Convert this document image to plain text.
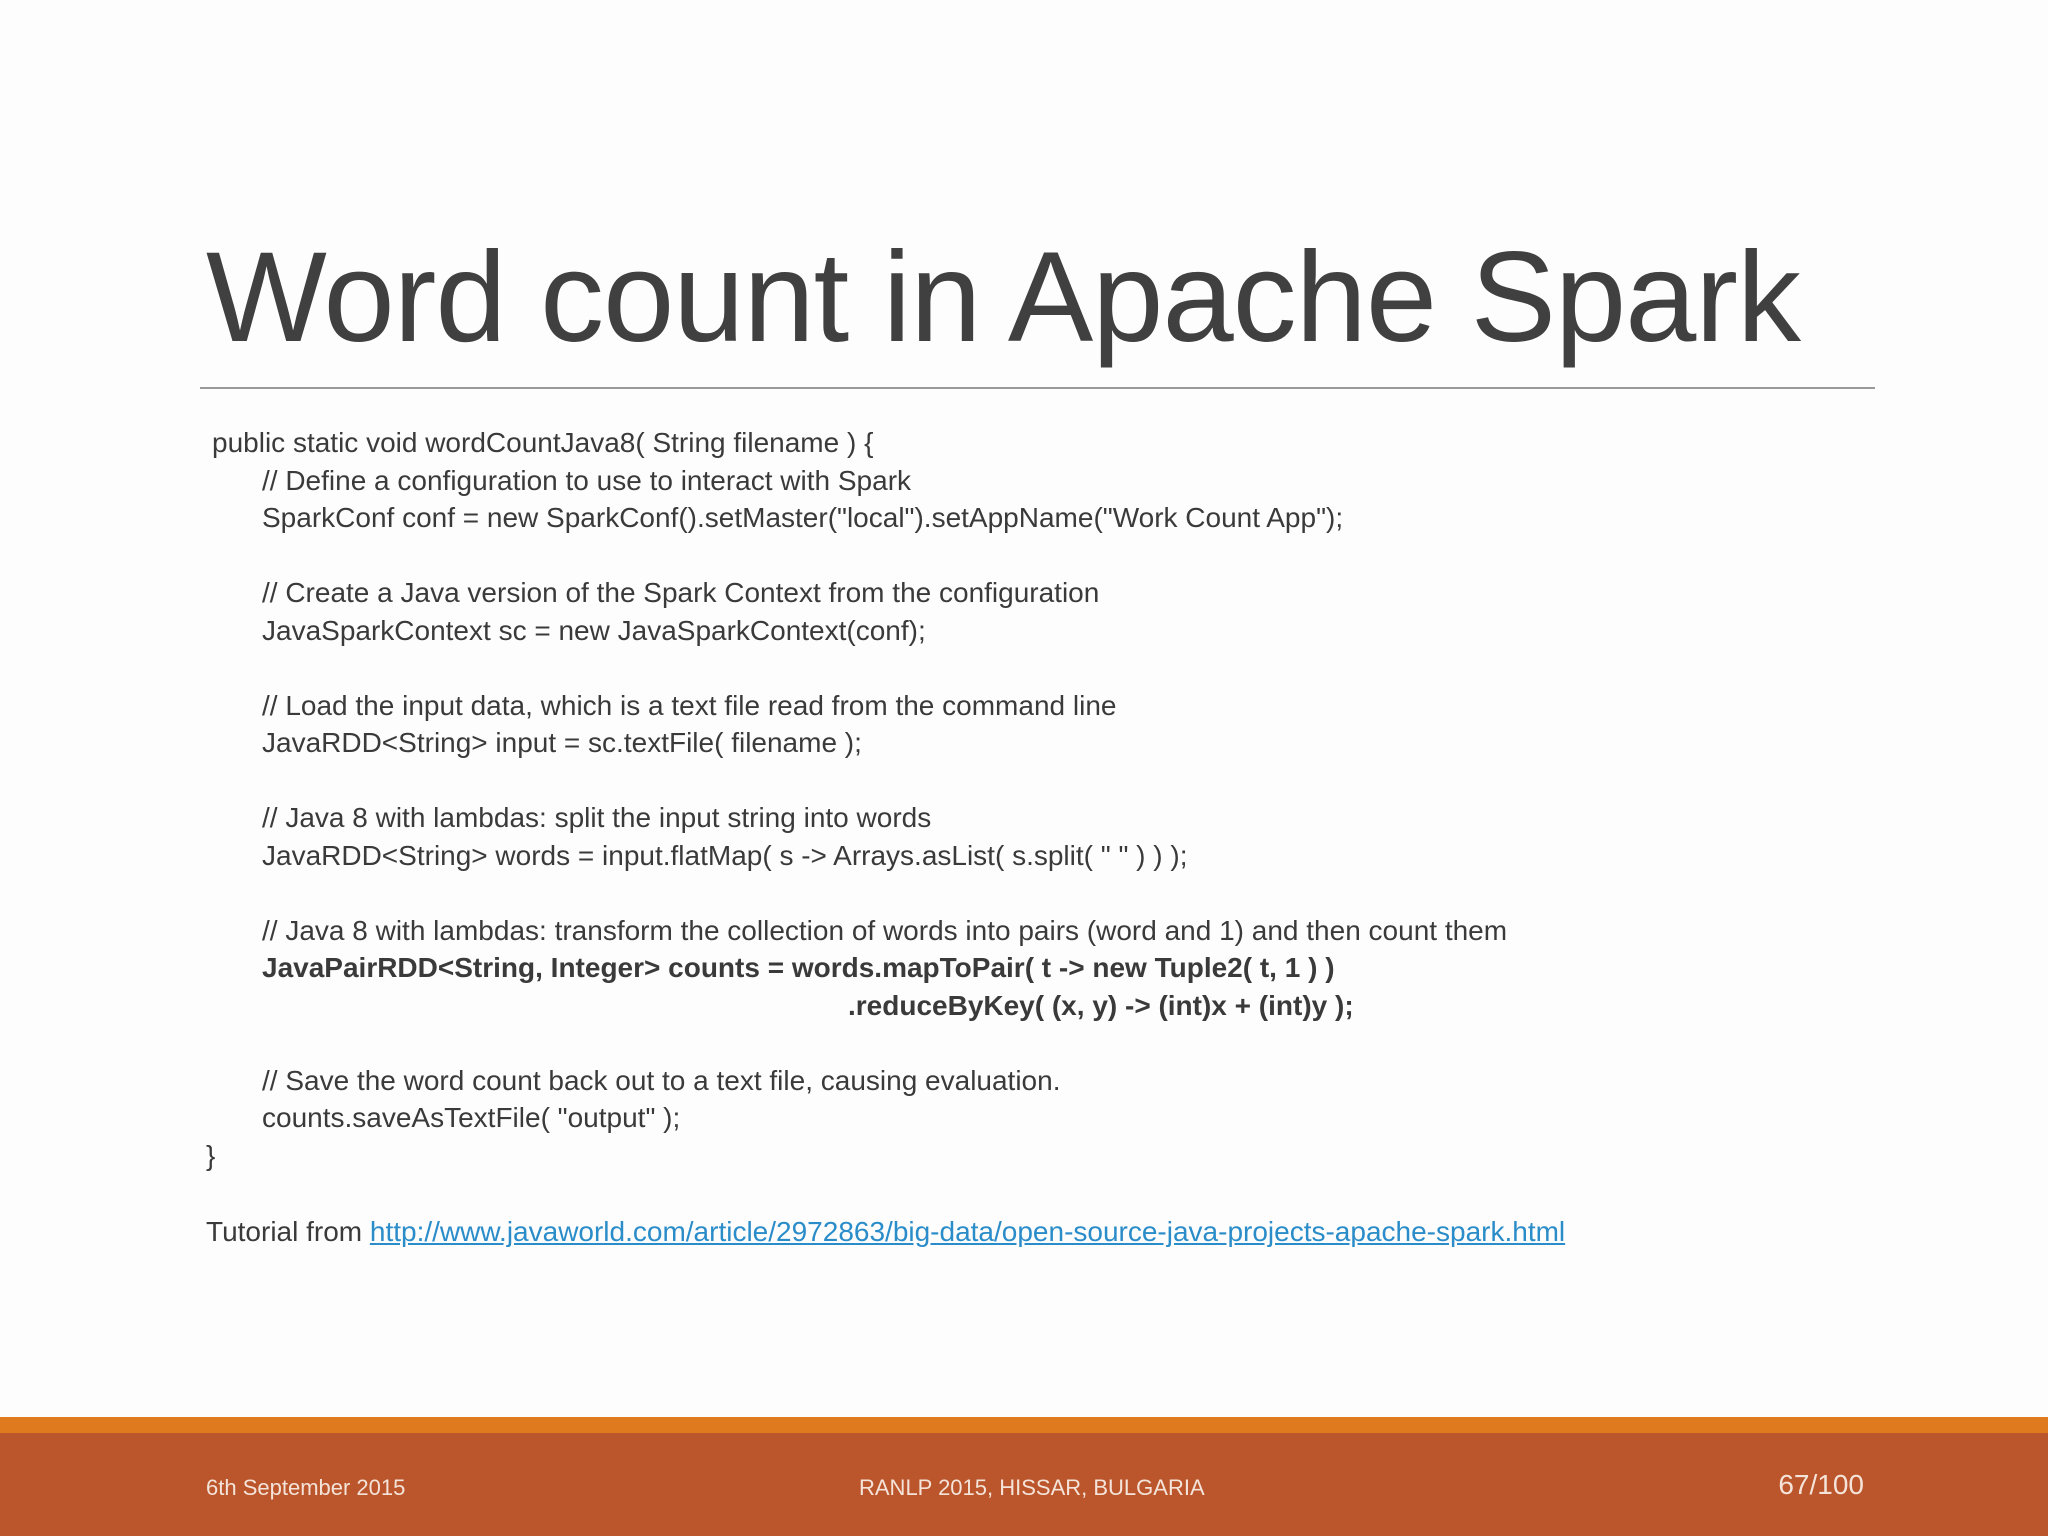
Word count in Apache Spark
public static void wordCountJava8( String filename ) {
// Define a configuration to use to interact with Spark
SparkConf conf = new SparkConf().setMaster("local").setAppName("Work Count App");
// Create a Java version of the Spark Context from the configuration
JavaSparkContext sc = new JavaSparkContext(conf);
// Load the input data, which is a text file read from the command line
JavaRDD<String> input = sc.textFile( filename );
// Java 8 with lambdas: split the input string into words
JavaRDD<String> words = input.flatMap( s -> Arrays.asList( s.split( " " ) ) );
// Java 8 with lambdas: transform the collection of words into pairs (word and 1) and then count them
JavaPairRDD<String, Integer> counts = words.mapToPair( t -> new Tuple2( t, 1 ) )
.reduceByKey( (x, y) -> (int)x + (int)y );
// Save the word count back out to a text file, causing evaluation.
counts.saveAsTextFile( "output" );
}
Tutorial from http://www.javaworld.com/article/2972863/big-data/open-source-java-projects-apache-spark.html
6th September 2015	RANLP 2015, HISSAR, BULGARIA	67/100
